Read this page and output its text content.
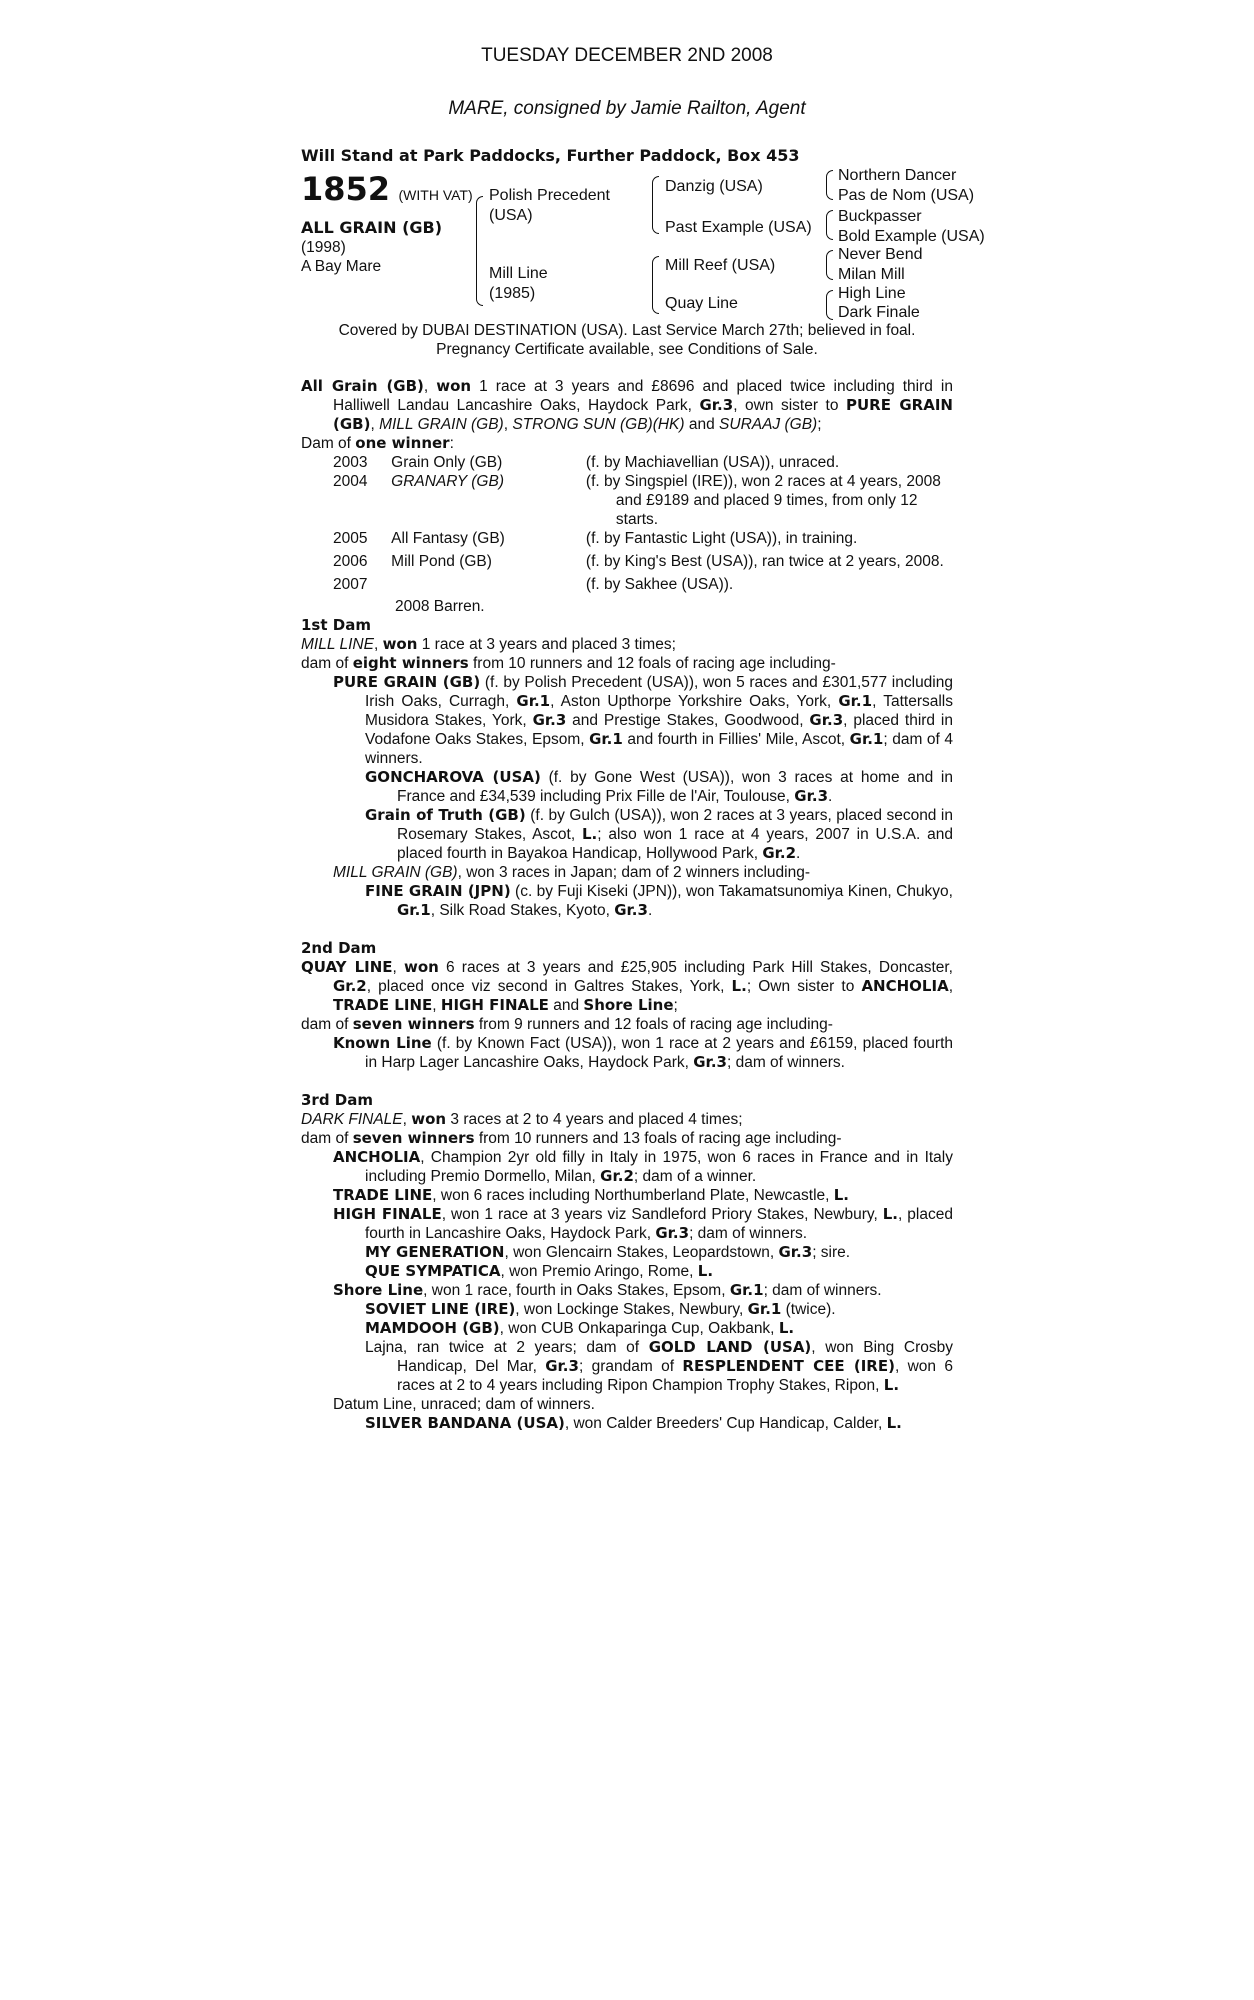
TUESDAY DECEMBER 2ND 2008
MARE, consigned by Jamie Railton, Agent
Will Stand at Park Paddocks, Further Paddock, Box 453
1852 (WITH VAT)
ALL GRAIN (GB)
(1998)
A Bay Mare
Polish Precedent
(USA)
Mill Line
(1985)
Danzig (USA)
Past Example (USA)
Mill Reef (USA)
Quay Line
Northern Dancer
Pas de Nom (USA)
Buckpasser
Bold Example (USA)
Never Bend
Milan Mill
High Line
Dark Finale
Covered by DUBAI DESTINATION (USA). Last Service March 27th; believed in foal.
Pregnancy Certificate available, see Conditions of Sale.

All Grain (GB), won 1 race at 3 years and £8696 and placed twice including third in Halliwell Landau Lancashire Oaks, Haydock Park, Gr.3, own sister to PURE GRAIN (GB), MILL GRAIN (GB), STRONG SUN (GB)(HK) and SURAAJ (GB);

Dam of one winner:

2003	Grain Only (GB)	(f. by Machiavellian (USA)), unraced.
2004	GRANARY (GB)	(f. by Singspiel (IRE)), won 2 races at 4 years, 2008 and £9189 and placed 9 times, from only 12 starts.
2005	All Fantasy (GB)	(f. by Fantastic Light (USA)), in training.
2006	Mill Pond (GB)	(f. by King's Best (USA)), ran twice at 2 years, 2008.
2007		(f. by Sakhee (USA)).

2008 Barren.

1st Dam

MILL LINE, won 1 race at 3 years and placed 3 times;

dam of eight winners from 10 runners and 12 foals of racing age including-

PURE GRAIN (GB) (f. by Polish Precedent (USA)), won 5 races and £301,577 including Irish Oaks, Curragh, Gr.1, Aston Upthorpe Yorkshire Oaks, York, Gr.1, Tattersalls Musidora Stakes, York, Gr.3 and Prestige Stakes, Goodwood, Gr.3, placed third in Vodafone Oaks Stakes, Epsom, Gr.1 and fourth in Fillies' Mile, Ascot, Gr.1; dam of 4 winners.

GONCHAROVA (USA) (f. by Gone West (USA)), won 3 races at home and in France and £34,539 including Prix Fille de l'Air, Toulouse, Gr.3.

Grain of Truth (GB) (f. by Gulch (USA)), won 2 races at 3 years, placed second in Rosemary Stakes, Ascot, L.; also won 1 race at 4 years, 2007 in U.S.A. and placed fourth in Bayakoa Handicap, Hollywood Park, Gr.2.

MILL GRAIN (GB), won 3 races in Japan; dam of 2 winners including-

FINE GRAIN (JPN) (c. by Fuji Kiseki (JPN)), won Takamatsunomiya Kinen, Chukyo, Gr.1, Silk Road Stakes, Kyoto, Gr.3.

2nd Dam

QUAY LINE, won 6 races at 3 years and £25,905 including Park Hill Stakes, Doncaster, Gr.2, placed once viz second in Galtres Stakes, York, L.; Own sister to ANCHOLIA, TRADE LINE, HIGH FINALE and Shore Line;

dam of seven winners from 9 runners and 12 foals of racing age including-

Known Line (f. by Known Fact (USA)), won 1 race at 2 years and £6159, placed fourth in Harp Lager Lancashire Oaks, Haydock Park, Gr.3; dam of winners.

3rd Dam

DARK FINALE, won 3 races at 2 to 4 years and placed 4 times;

dam of seven winners from 10 runners and 13 foals of racing age including-

ANCHOLIA, Champion 2yr old filly in Italy in 1975, won 6 races in France and in Italy including Premio Dormello, Milan, Gr.2; dam of a winner.

TRADE LINE, won 6 races including Northumberland Plate, Newcastle, L.

HIGH FINALE, won 1 race at 3 years viz Sandleford Priory Stakes, Newbury, L., placed fourth in Lancashire Oaks, Haydock Park, Gr.3; dam of winners.

MY GENERATION, won Glencairn Stakes, Leopardstown, Gr.3; sire.

QUE SYMPATICA, won Premio Aringo, Rome, L.

Shore Line, won 1 race, fourth in Oaks Stakes, Epsom, Gr.1; dam of winners.

SOVIET LINE (IRE), won Lockinge Stakes, Newbury, Gr.1 (twice).

MAMDOOH (GB), won CUB Onkaparinga Cup, Oakbank, L.

Lajna, ran twice at 2 years; dam of GOLD LAND (USA), won Bing Crosby Handicap, Del Mar, Gr.3; grandam of RESPLENDENT CEE (IRE), won 6 races at 2 to 4 years including Ripon Champion Trophy Stakes, Ripon, L.

Datum Line, unraced; dam of winners.

SILVER BANDANA (USA), won Calder Breeders' Cup Handicap, Calder, L.
